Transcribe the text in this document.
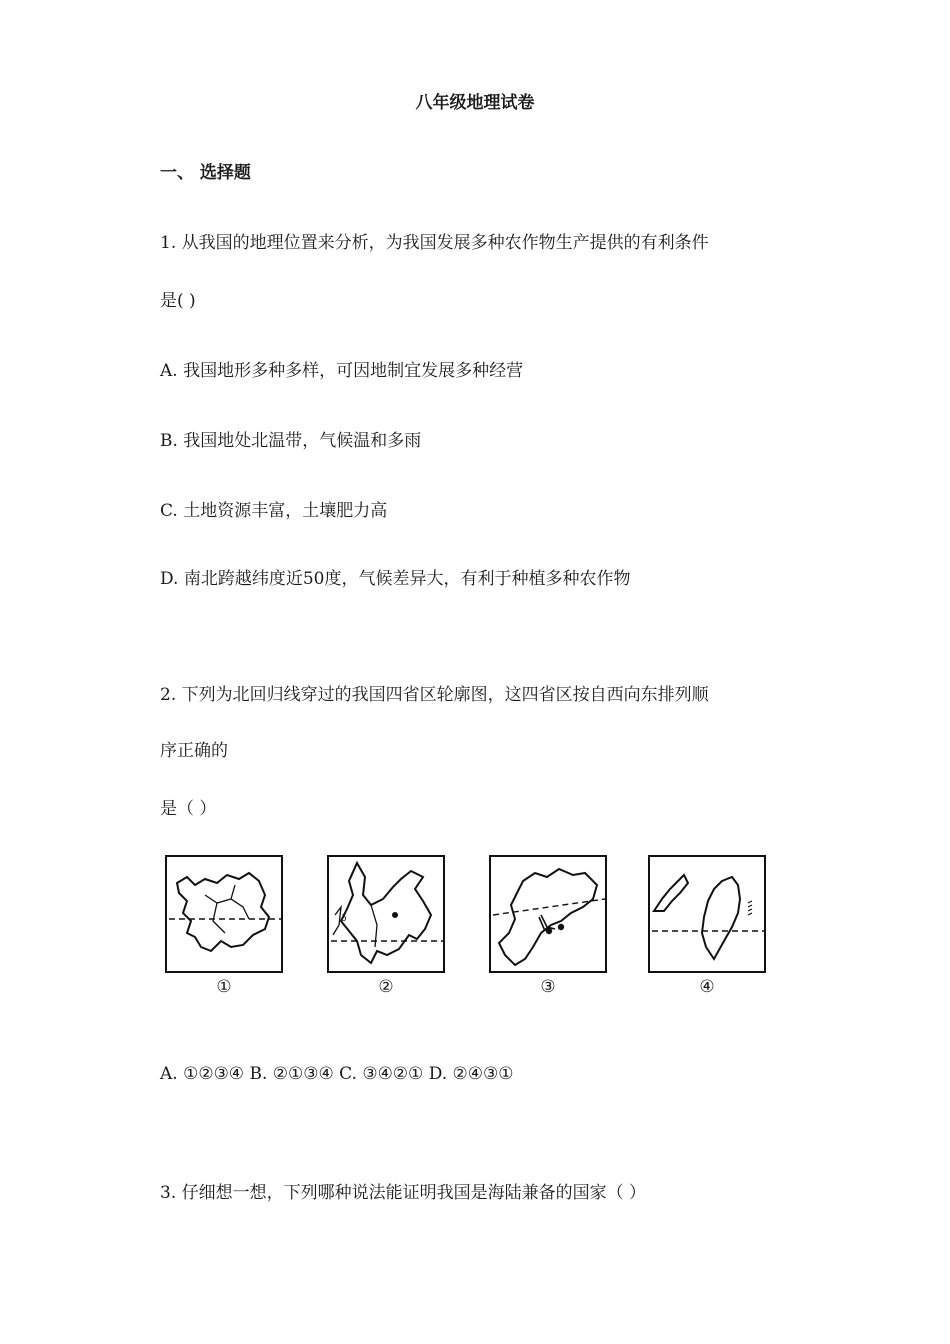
八年级地理试卷
一、 选择题
1. 从我国的地理位置来分析，为我国发展多种农作物生产提供的有利条件
是( )
A. 我国地形多种多样，可因地制宜发展多种经营
B. 我国地处北温带，气候温和多雨
C. 土地资源丰富，土壤肥力高
D. 南北跨越纬度近50度，气候差异大，有利于种植多种农作物
2. 下列为北回归线穿过的我国四省区轮廓图，这四省区按自西向东排列顺
序正确的
是（ ）
ō
①	②	③	④
A. ①②③④ B. ②①③④ C. ③④②① D. ②④③①
3. 仔细想一想，下列哪种说法能证明我国是海陆兼备的国家（ ）
